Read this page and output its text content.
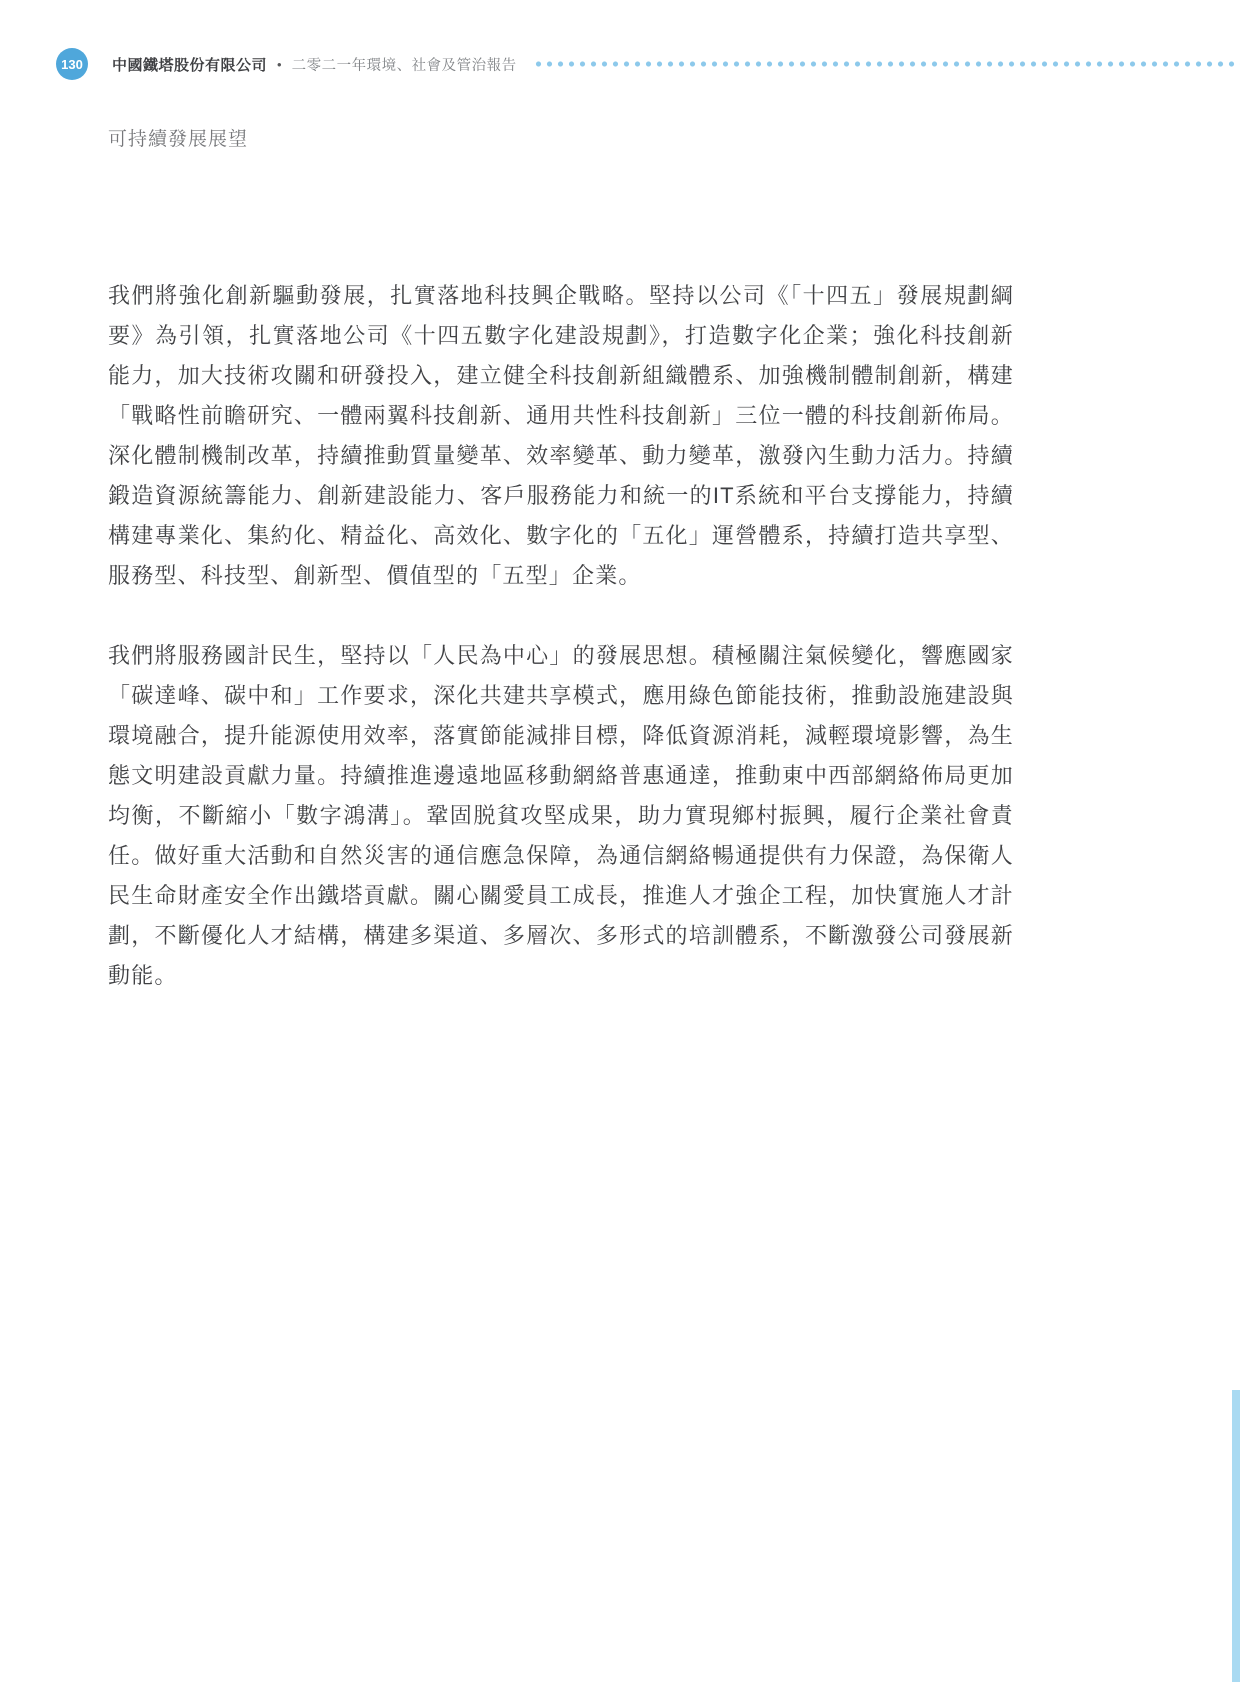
130	中國鐵塔股份有限公司 • 二零二一年環境、社會及管治報告
可持續發展展望

我們將強化創新驅動發展，扎實落地科技興企戰略。堅持以公司《「十四五」發展規劃綱要》為引領，扎實落地公司《十四五數字化建設規劃》，打造數字化企業；強化科技創新能力，加大技術攻關和研發投入，建立健全科技創新組織體系、加強機制體制創新，構建「戰略性前瞻研究、一體兩翼科技創新、通用共性科技創新」三位一體的科技創新佈局。深化體制機制改革，持續推動質量變革、效率變革、動力變革，激發內生動力活力。持續鍛造資源統籌能力、創新建設能力、客戶服務能力和統一的IT系統和平台支撐能力，持續構建專業化、集約化、精益化、高效化、數字化的「五化」運營體系，持續打造共享型、服務型、科技型、創新型、價值型的「五型」企業。

我們將服務國計民生，堅持以「人民為中心」的發展思想。積極關注氣候變化，響應國家「碳達峰、碳中和」工作要求，深化共建共享模式，應用綠色節能技術，推動設施建設與環境融合，提升能源使用效率，落實節能減排目標，降低資源消耗，減輕環境影響，為生態文明建設貢獻力量。持續推進邊遠地區移動網絡普惠通達，推動東中西部網絡佈局更加均衡，不斷縮小「數字鴻溝」。鞏固脱貧攻堅成果，助力實現鄉村振興，履行企業社會責任。做好重大活動和自然災害的通信應急保障，為通信網絡暢通提供有力保證，為保衛人民生命財產安全作出鐵塔貢獻。關心關愛員工成長，推進人才強企工程，加快實施人才計劃，不斷優化人才結構，構建多渠道、多層次、多形式的培訓體系，不斷激發公司發展新動能。
